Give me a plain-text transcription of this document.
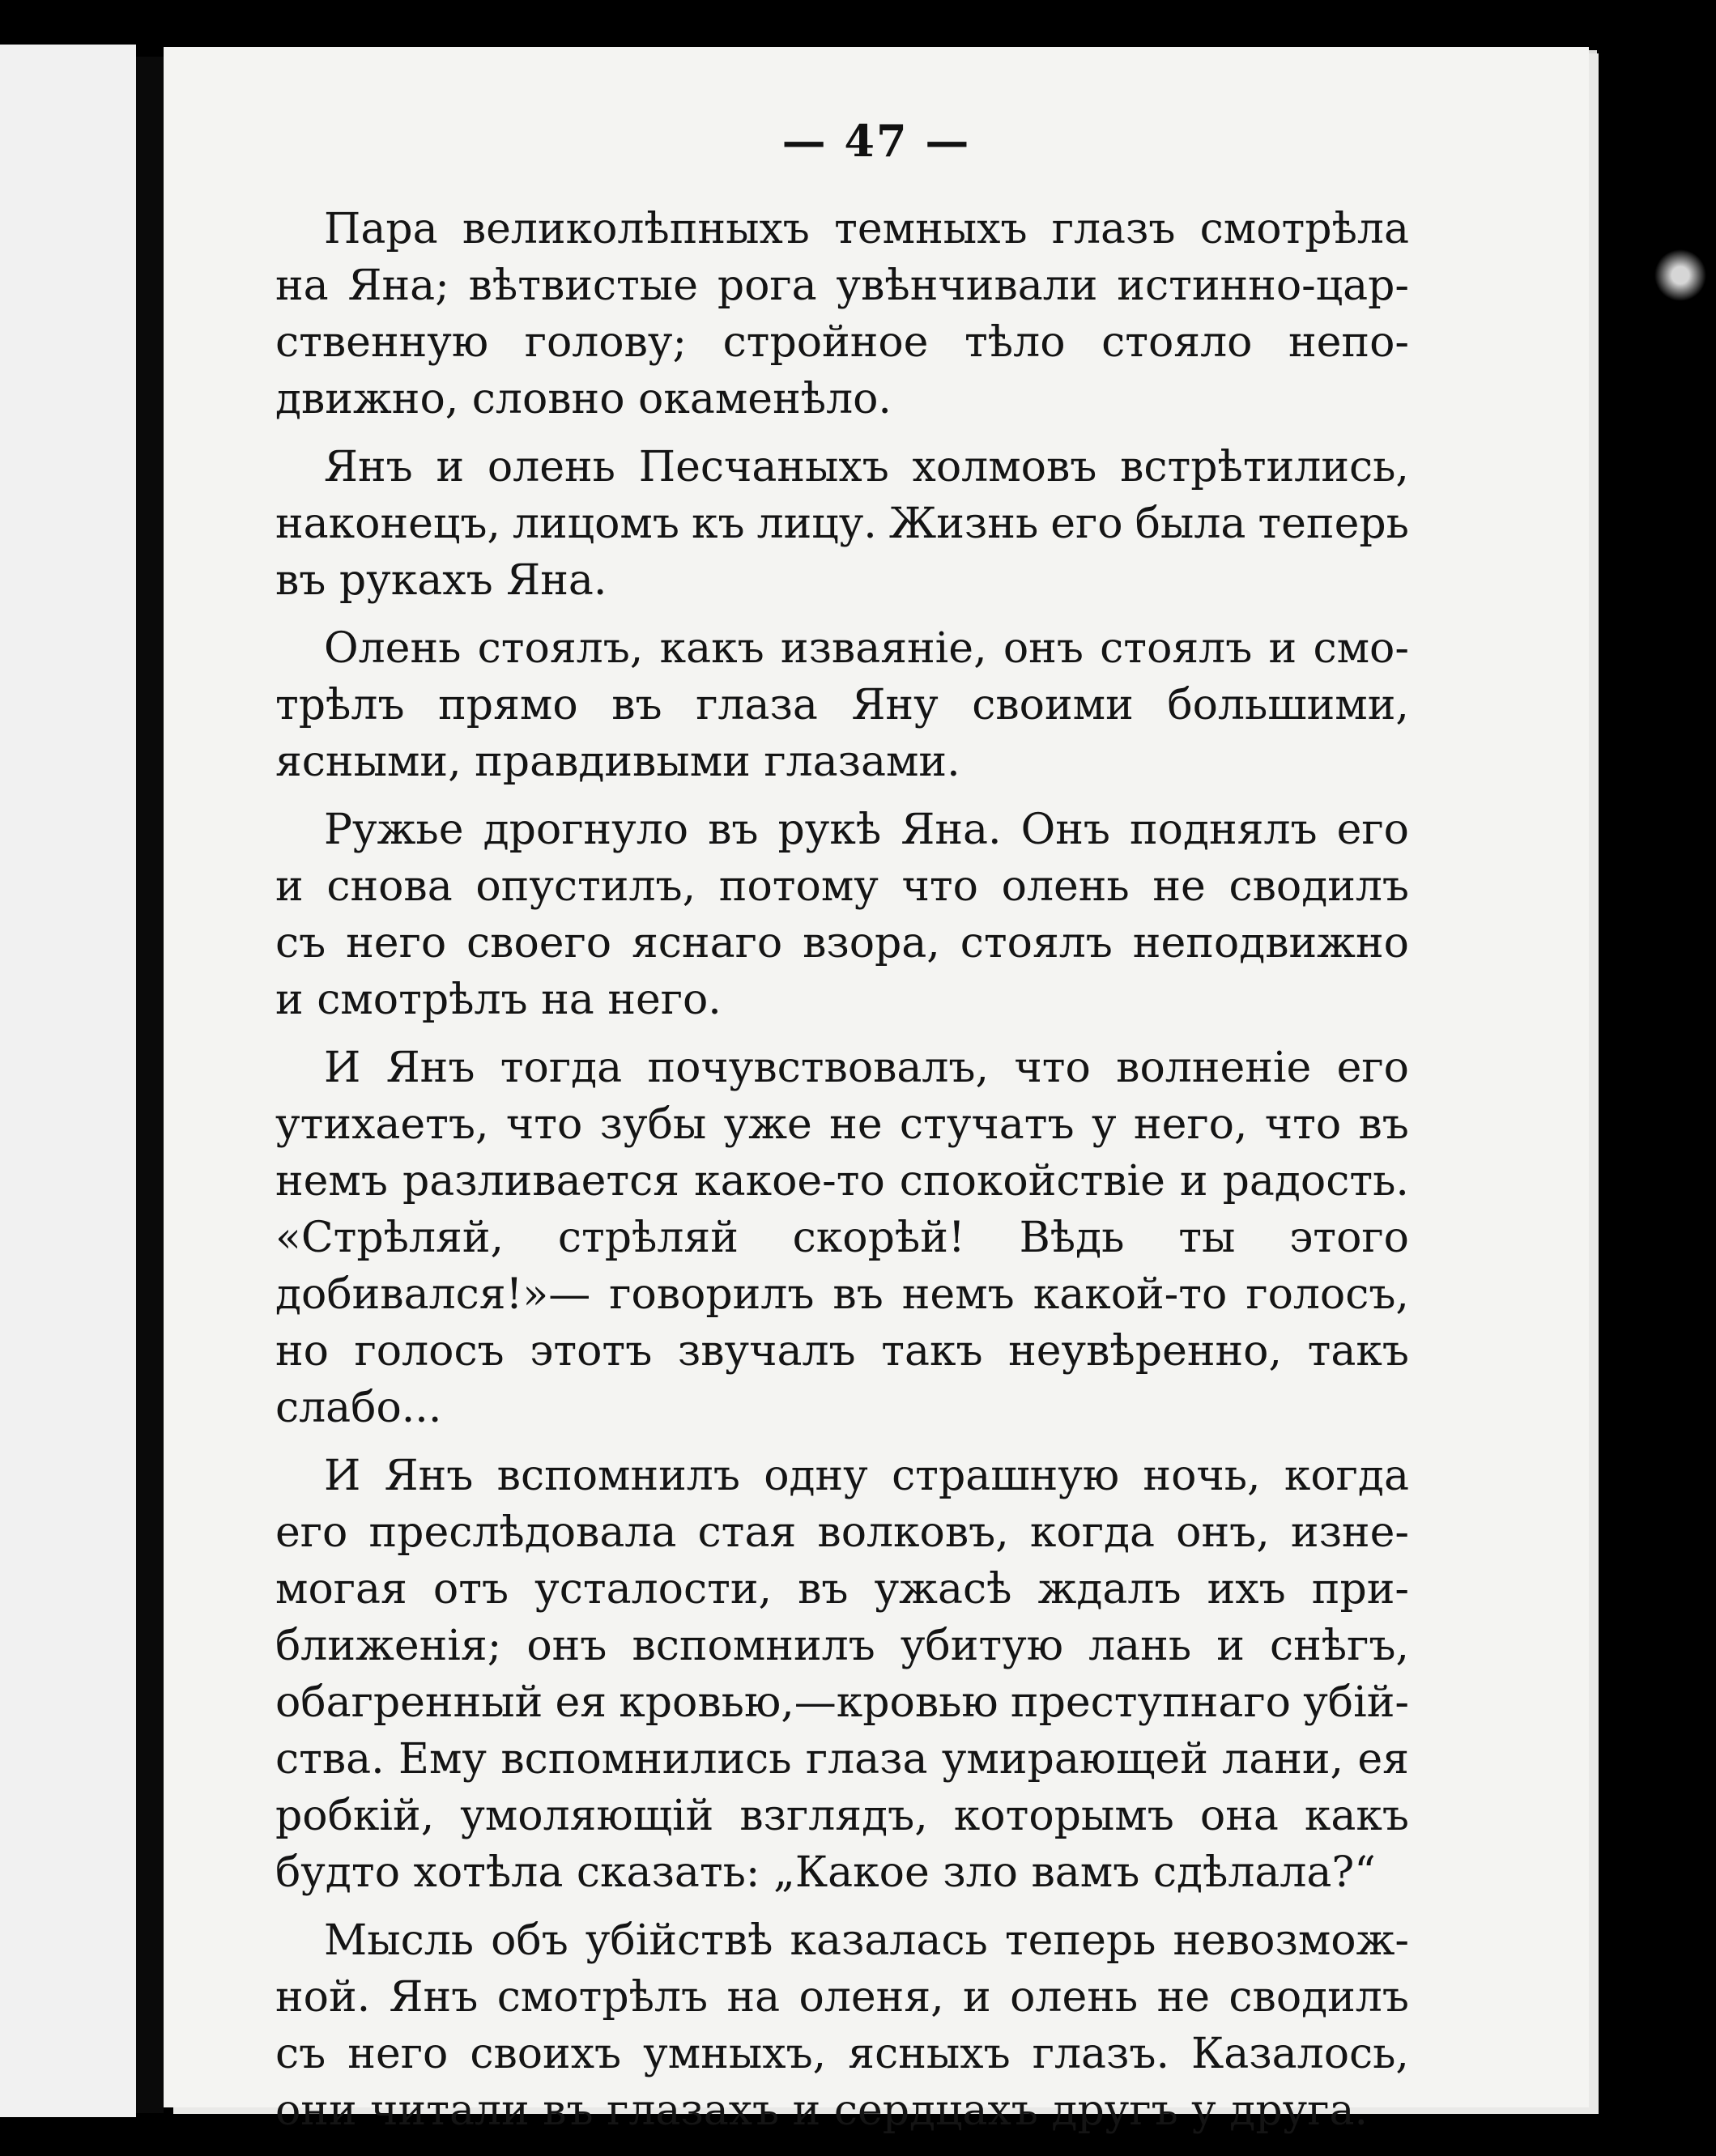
— 47 —
Пара великолѣпныхъ темныхъ глазъ смотрѣла
на Яна; вѣтвистые рога увѣнчивали истинно-цар-
ственную голову; стройное тѣло стояло непо-
движно, словно окаменѣло.
Янъ и олень Песчаныхъ холмовъ встрѣтились,
наконецъ, лицомъ къ лицу. Жизнь его была теперь
въ рукахъ Яна.
Олень стоялъ, какъ изваяніе, онъ стоялъ и смо-
трѣлъ прямо въ глаза Яну своими большими,
ясными, правдивыми глазами.
Ружье дрогнуло въ рукѣ Яна. Онъ поднялъ его
и снова опустилъ, потому что олень не сводилъ
съ него своего яснаго взора, стоялъ неподвижно
и смотрѣлъ на него.
И Янъ тогда почувствовалъ, что волненіе его
утихаетъ, что зубы уже не стучатъ у него, что въ
немъ разливается какое-то спокойствіе и радость.
«Стрѣляй, стрѣляй скорѣй! Вѣдь ты этого
добивался!»— говорилъ въ немъ какой-то голосъ,
но голосъ этотъ звучалъ такъ неувѣренно, такъ
слабо...
И Янъ вспомнилъ одну страшную ночь, когда
его преслѣдовала стая волковъ, когда онъ, изне-
могая отъ усталости, въ ужасѣ ждалъ ихъ при-
ближенія; онъ вспомнилъ убитую лань и снѣгъ,
обагренный ея кровью,—кровью преступнаго убій-
ства. Ему вспомнились глаза умирающей лани, ея
робкій, умоляющій взглядъ, которымъ она какъ
будто хотѣла сказать: „Какое зло вамъ сдѣлала?“
Мысль объ убійствѣ казалась теперь невозмож-
ной. Янъ смотрѣлъ на оленя, и олень не сводилъ
съ него своихъ умныхъ, ясныхъ глазъ. Казалось,
они читали въ глазахъ и сердцахъ другъ у друга.
